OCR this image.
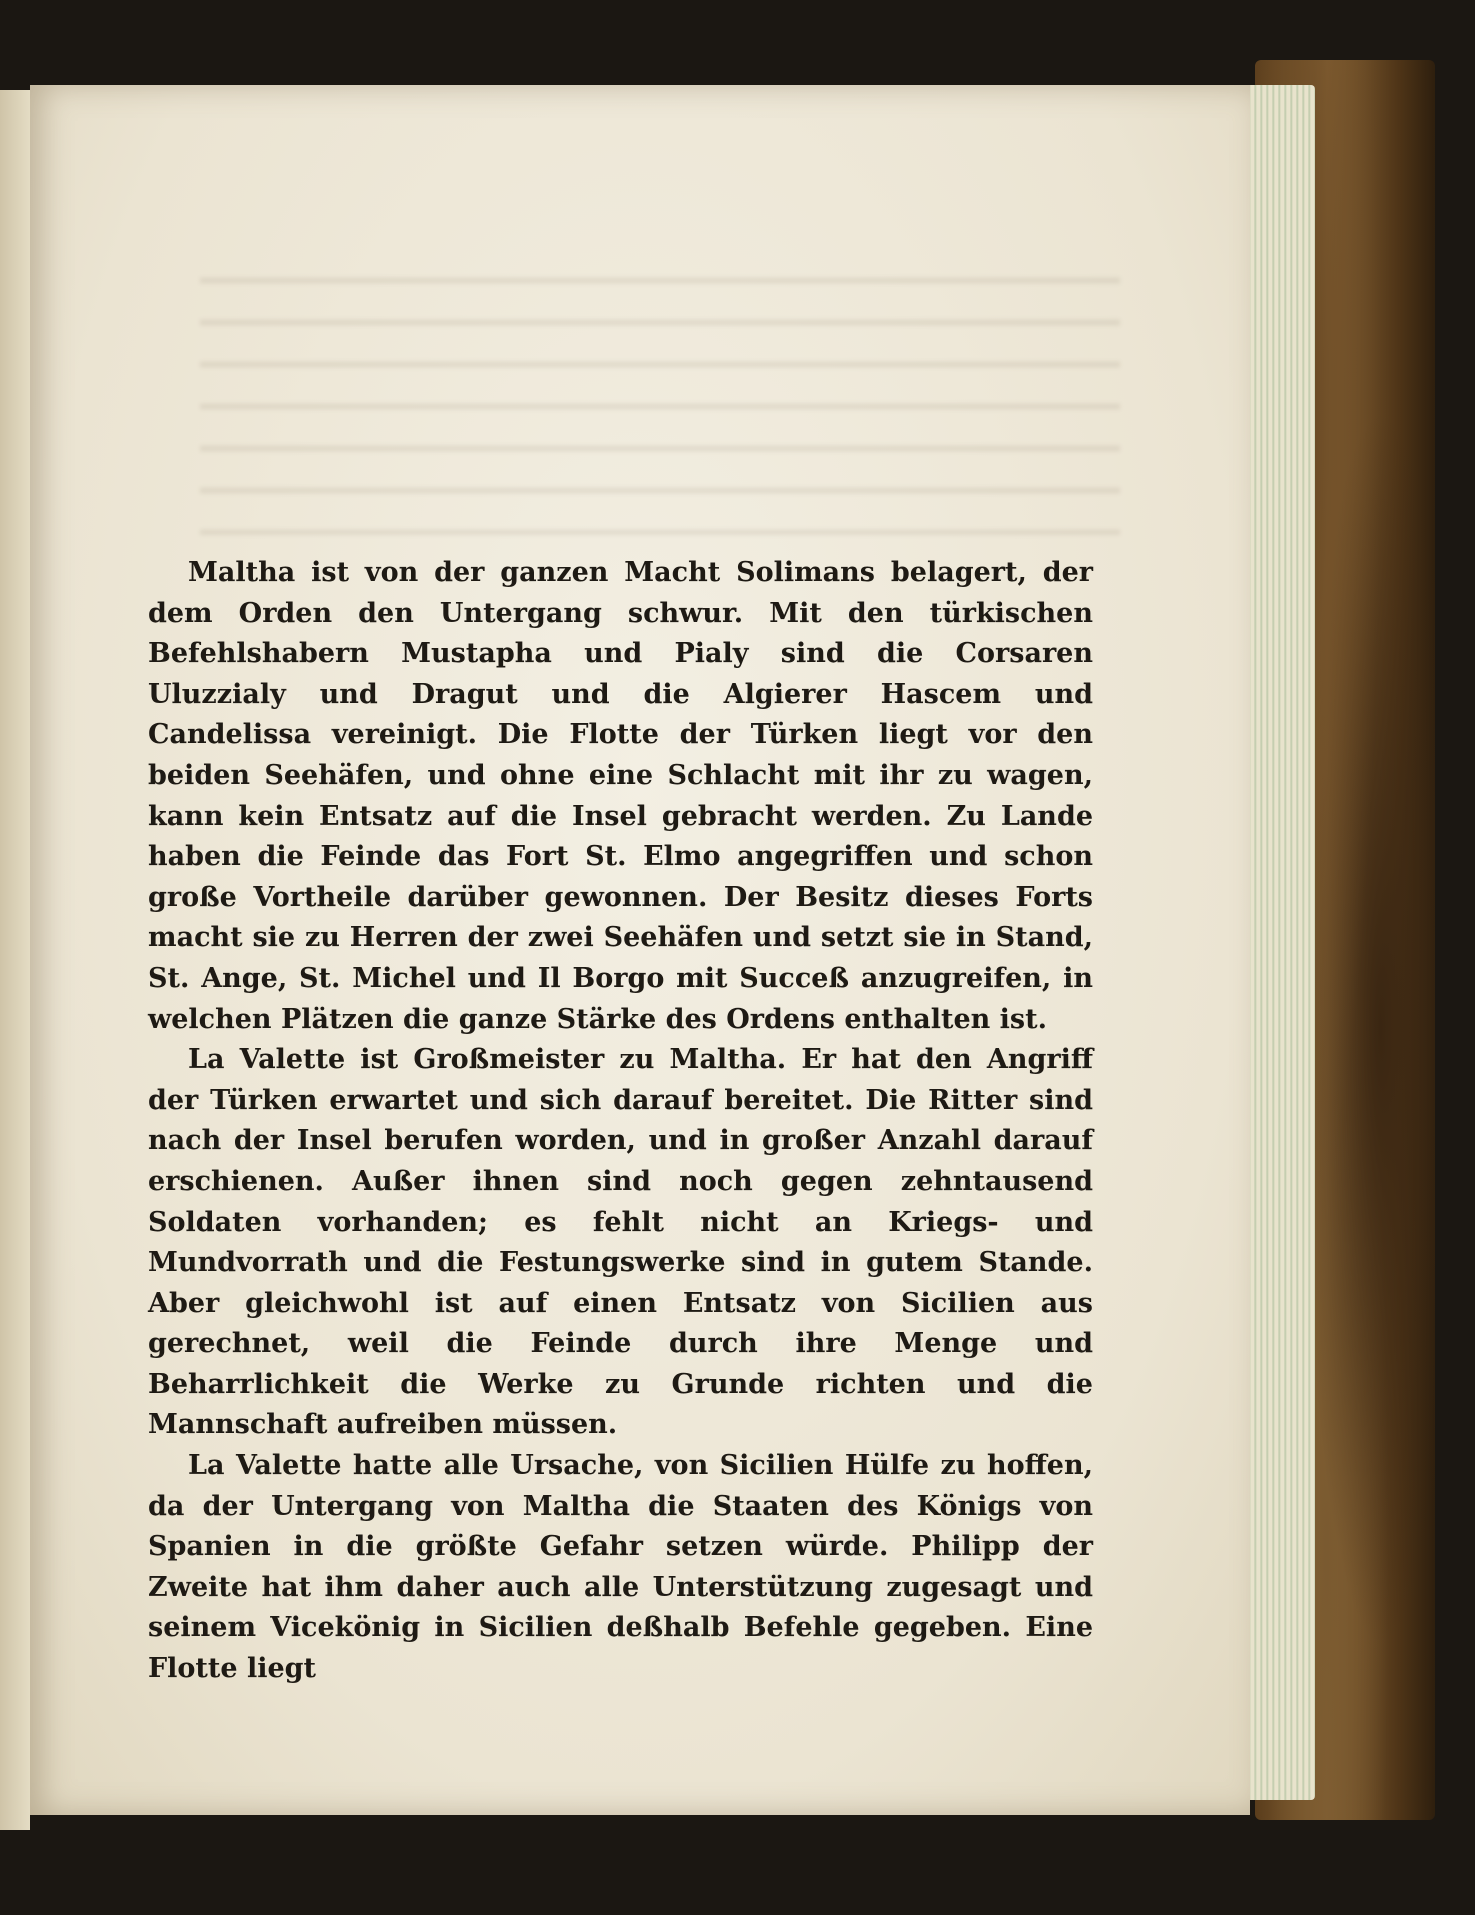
Maltha ist von der ganzen Macht Solimans belagert, der dem Orden den Untergang schwur. Mit den türkischen Befehlshabern Mustapha und Pialy sind die Corsaren Uluzzialy und Dragut und die Algierer Hascem und Candelissa vereinigt. Die Flotte der Türken liegt vor den beiden Seehäfen, und ohne eine Schlacht mit ihr zu wagen, kann kein Entsatz auf die Insel gebracht werden. Zu Lande haben die Feinde das Fort St. Elmo angegriffen und schon große Vortheile darüber gewonnen. Der Besitz dieses Forts macht sie zu Herren der zwei Seehäfen und setzt sie in Stand, St. Ange, St. Michel und Il Borgo mit Succeß anzugreifen, in welchen Plätzen die ganze Stärke des Ordens enthalten ist.

La Valette ist Großmeister zu Maltha. Er hat den Angriff der Türken erwartet und sich darauf bereitet. Die Ritter sind nach der Insel berufen worden, und in großer Anzahl darauf erschienen. Außer ihnen sind noch gegen zehntausend Soldaten vorhanden; es fehlt nicht an Kriegs- und Mundvorrath und die Festungswerke sind in gutem Stande. Aber gleichwohl ist auf einen Entsatz von Sicilien aus gerechnet, weil die Feinde durch ihre Menge und Beharrlichkeit die Werke zu Grunde richten und die Mannschaft aufreiben müssen.

La Valette hatte alle Ursache, von Sicilien Hülfe zu hoffen, da der Untergang von Maltha die Staaten des Königs von Spanien in die größte Gefahr setzen würde. Philipp der Zweite hat ihm daher auch alle Unterstützung zugesagt und seinem Vicekönig in Sicilien deßhalb Befehle gegeben. Eine Flotte liegt
